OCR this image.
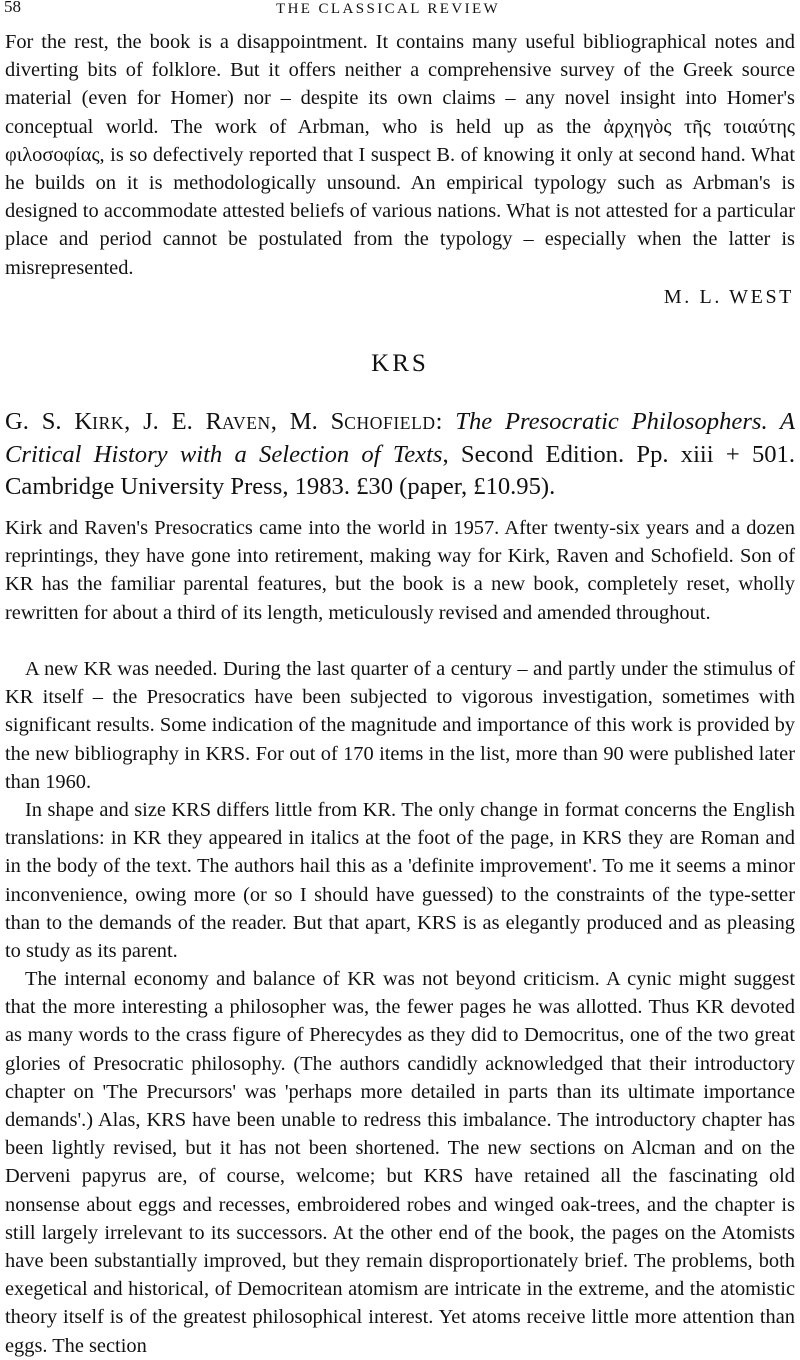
58	THE CLASSICAL REVIEW

For the rest, the book is a disappointment. It contains many useful bibliographical notes and diverting bits of folklore. But it offers neither a comprehensive survey of the Greek source material (even for Homer) nor – despite its own claims – any novel insight into Homer's conceptual world. The work of Arbman, who is held up as the ἀρχηγὸς τῆς τοιαύτης φιλοσοφίας, is so defectively reported that I suspect B. of knowing it only at second hand. What he builds on it is methodologically unsound. An empirical typology such as Arbman's is designed to accommodate attested beliefs of various nations. What is not attested for a particular place and period cannot be postulated from the typology – especially when the latter is misrepresented.

M. L. WEST
KRS

G. S. KIRK, J. E. RAVEN, M. SCHOFIELD: The Presocratic Philosophers. A Critical History with a Selection of Texts, Second Edition. Pp. xiii + 501. Cambridge University Press, 1983. £30 (paper, £10.95).

Kirk and Raven's Presocratics came into the world in 1957. After twenty-six years and a dozen reprintings, they have gone into retirement, making way for Kirk, Raven and Schofield. Son of KR has the familiar parental features, but the book is a new book, completely reset, wholly rewritten for about a third of its length, meticulously revised and amended throughout.

A new KR was needed. During the last quarter of a century – and partly under the stimulus of KR itself – the Presocratics have been subjected to vigorous investigation, sometimes with significant results. Some indication of the magnitude and importance of this work is provided by the new bibliography in KRS. For out of 170 items in the list, more than 90 were published later than 1960.

In shape and size KRS differs little from KR. The only change in format concerns the English translations: in KR they appeared in italics at the foot of the page, in KRS they are Roman and in the body of the text. The authors hail this as a 'definite improvement'. To me it seems a minor inconvenience, owing more (or so I should have guessed) to the constraints of the type-setter than to the demands of the reader. But that apart, KRS is as elegantly produced and as pleasing to study as its parent.

The internal economy and balance of KR was not beyond criticism. A cynic might suggest that the more interesting a philosopher was, the fewer pages he was allotted. Thus KR devoted as many words to the crass figure of Pherecydes as they did to Democritus, one of the two great glories of Presocratic philosophy. (The authors candidly acknowledged that their introductory chapter on 'The Precursors' was 'perhaps more detailed in parts than its ultimate importance demands'.) Alas, KRS have been unable to redress this imbalance. The introductory chapter has been lightly revised, but it has not been shortened. The new sections on Alcman and on the Derveni papyrus are, of course, welcome; but KRS have retained all the fascinating old nonsense about eggs and recesses, embroidered robes and winged oak-trees, and the chapter is still largely irrelevant to its successors. At the other end of the book, the pages on the Atomists have been substantially improved, but they remain disproportionately brief. The problems, both exegetical and historical, of Democritean atomism are intricate in the extreme, and the atomistic theory itself is of the greatest philosophical interest. Yet atoms receive little more attention than eggs. The section
